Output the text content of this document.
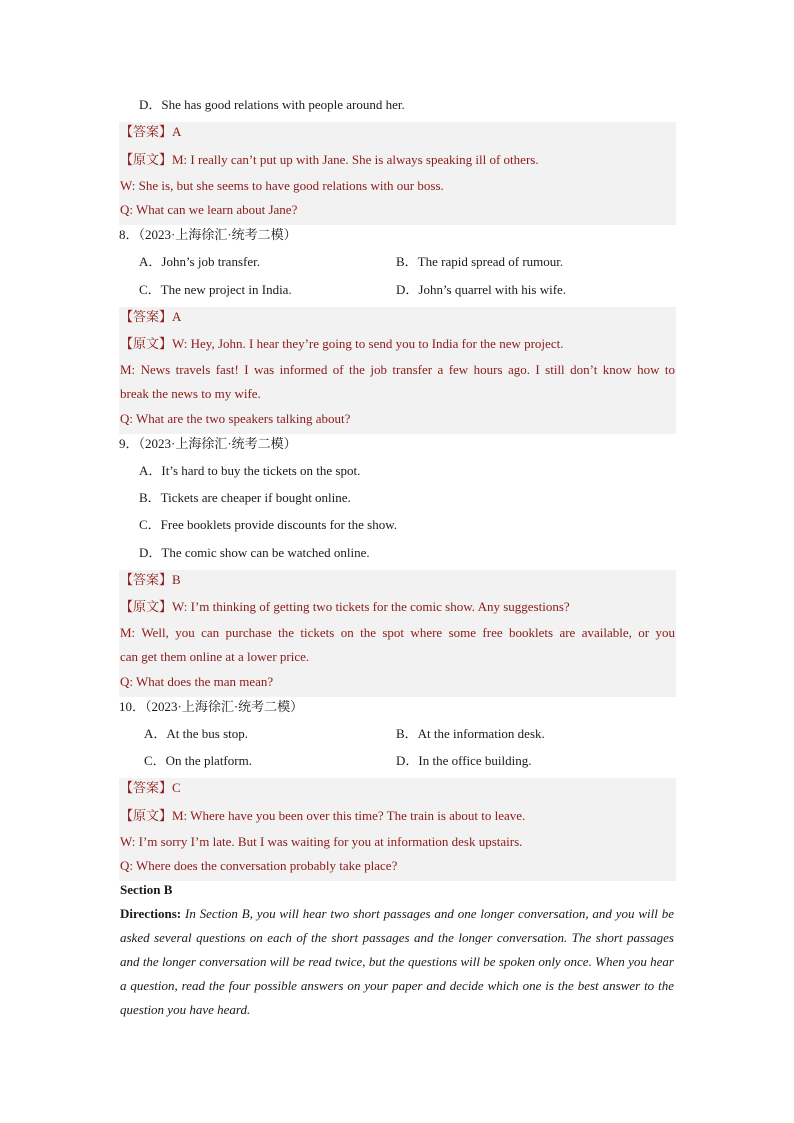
D．She has good relations with people around her.
【答案】A
【原文】M: I really can’t put up with Jane. She is always speaking ill of others.
W: She is, but she seems to have good relations with our boss.
Q: What can we learn about Jane?
8．（2023·上海徐汇·统考二模）
A．John’s job transfer.	B．The rapid spread of rumour.
C．The new project in India.	D．John’s quarrel with his wife.
【答案】A
【原文】W: Hey, John. I hear they’re going to send you to India for the new project.
M: News travels fast! I was informed of the job transfer a few hours ago. I still don’t know how to
break the news to my wife.
Q: What are the two speakers talking about?
9．（2023·上海徐汇·统考二模）
A．It’s hard to buy the tickets on the spot.
B．Tickets are cheaper if bought online.
C．Free booklets provide discounts for the show.
D．The comic show can be watched online.
【答案】B
【原文】W: I’m thinking of getting two tickets for the comic show. Any suggestions?
M: Well, you can purchase the tickets on the spot where some free booklets are available, or you
can get them online at a lower price.
Q: What does the man mean?
10．（2023·上海徐汇·统考二模）
A．At the bus stop.	B．At the information desk.
C．On the platform.	D．In the office building.
【答案】C
【原文】M: Where have you been over this time? The train is about to leave.
W: I’m sorry I’m late. But I was waiting for you at information desk upstairs.
Q: Where does the conversation probably take place?
Section B
Directions: In Section B, you will hear two short passages and one longer conversation, and you will be asked several questions on each of the short passages and the longer conversation. The short passages and the longer conversation will be read twice, but the questions will be spoken only once. When you hear a question, read the four possible answers on your paper and decide which one is the best answer to the question you have heard.
